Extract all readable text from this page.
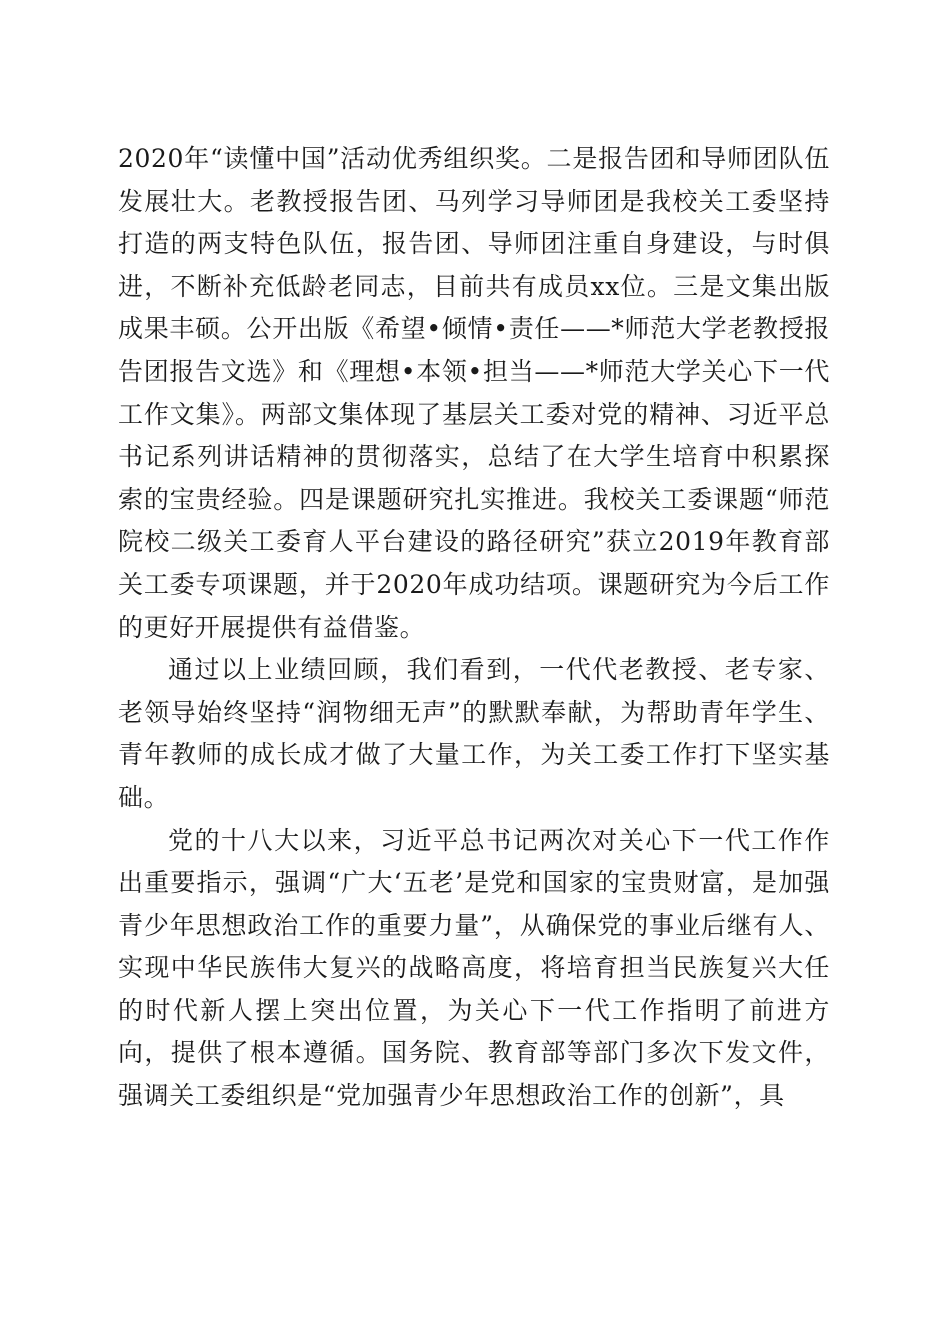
2020年“读懂中国”活动优秀组织奖。二是报告团和导师团队伍发展壮大。老教授报告团、马列学习导师团是我校关工委坚持打造的两支特色队伍，报告团、导师团注重自身建设，与时俱进，不断补充低龄老同志，目前共有成员xx位。三是文集出版成果丰硕。公开出版《希望•倾情•责任——*师范大学老教授报告团报告文选》和《理想•本领•担当——*师范大学关心下一代工作文集》。两部文集体现了基层关工委对党的精神、习近平总书记系列讲话精神的贯彻落实，总结了在大学生培育中积累探索的宝贵经验。四是课题研究扎实推进。我校关工委课题“师范院校二级关工委育人平台建设的路径研究”获立2019年教育部关工委专项课题，并于2020年成功结项。课题研究为今后工作的更好开展提供有益借鉴。

通过以上业绩回顾，我们看到，一代代老教授、老专家、老领导始终坚持“润物细无声”的默默奉献，为帮助青年学生、青年教师的成长成才做了大量工作，为关工委工作打下坚实基础。

党的十八大以来，习近平总书记两次对关心下一代工作作出重要指示，强调“广大‘五老’是党和国家的宝贵财富，是加强青少年思想政治工作的重要力量”，从确保党的事业后继有人、实现中华民族伟大复兴的战略高度，将培育担当民族复兴大任的时代新人摆上突出位置，为关心下一代工作指明了前进方向，提供了根本遵循。国务院、教育部等部门多次下发文件，强调关工委组织是“党加强青少年思想政治工作的创新”，具
